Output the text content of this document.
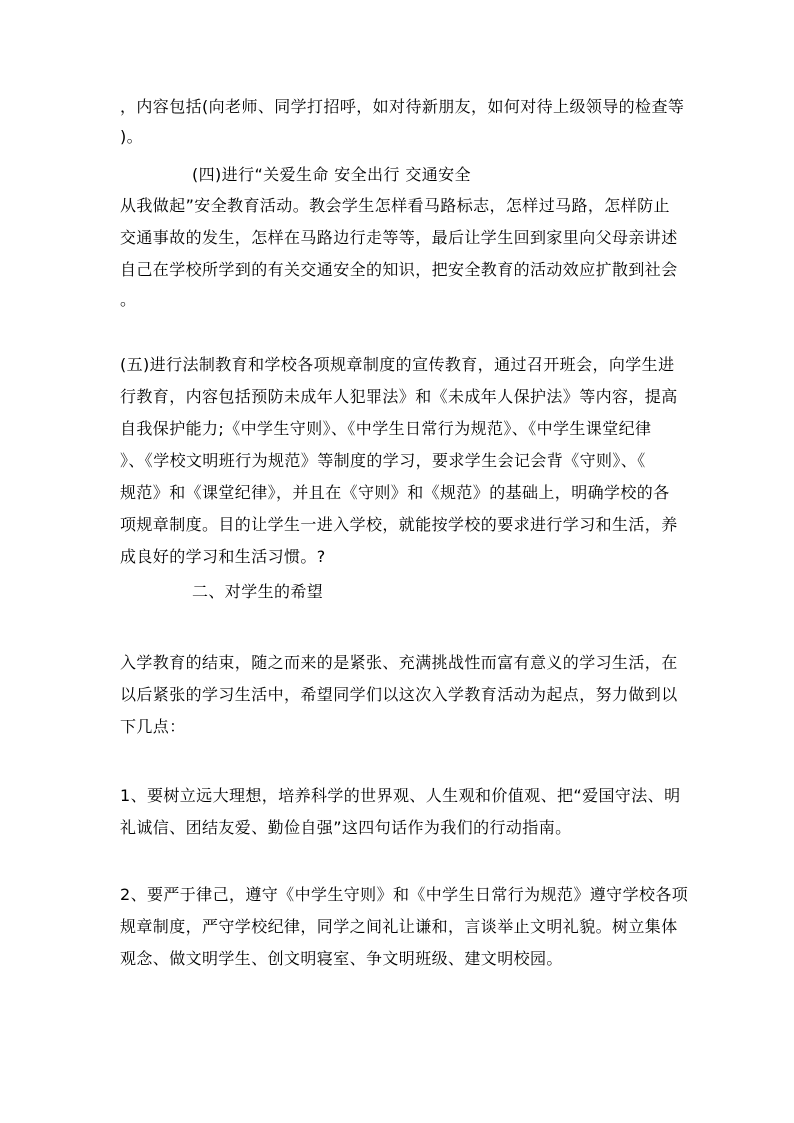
，内容包括(向老师、同学打招呼，如对待新朋友，如何对待上级领导的检查等
)。
(四)进行“关爱生命 安全出行 交通安全
从我做起”安全教育活动。教会学生怎样看马路标志，怎样过马路，怎样防止
交通事故的发生，怎样在马路边行走等等，最后让学生回到家里向父母亲讲述
自己在学校所学到的有关交通安全的知识，把安全教育的活动效应扩散到社会
。
(五)进行法制教育和学校各项规章制度的宣传教育，通过召开班会，向学生进
行教育，内容包括预防未成年人犯罪法》和《未成年人保护法》等内容，提高
自我保护能力;《中学生守则》、《中学生日常行为规范》、《中学生课堂纪律
》、《学校文明班行为规范》等制度的学习，要求学生会记会背《守则》、《
规范》和《课堂纪律》，并且在《守则》和《规范》的基础上，明确学校的各
项规章制度。目的让学生一进入学校，就能按学校的要求进行学习和生活，养
成良好的学习和生活习惯。?
二、对学生的希望
入学教育的结束，随之而来的是紧张、充满挑战性而富有意义的学习生活，在
以后紧张的学习生活中，希望同学们以这次入学教育活动为起点，努力做到以
下几点：
1、要树立远大理想，培养科学的世界观、人生观和价值观、把“爱国守法、明
礼诚信、团结友爱、勤俭自强”这四句话作为我们的行动指南。
2、要严于律己，遵守《中学生守则》和《中学生日常行为规范》遵守学校各项
规章制度，严守学校纪律，同学之间礼让谦和，言谈举止文明礼貌。树立集体
观念、做文明学生、创文明寝室、争文明班级、建文明校园。
